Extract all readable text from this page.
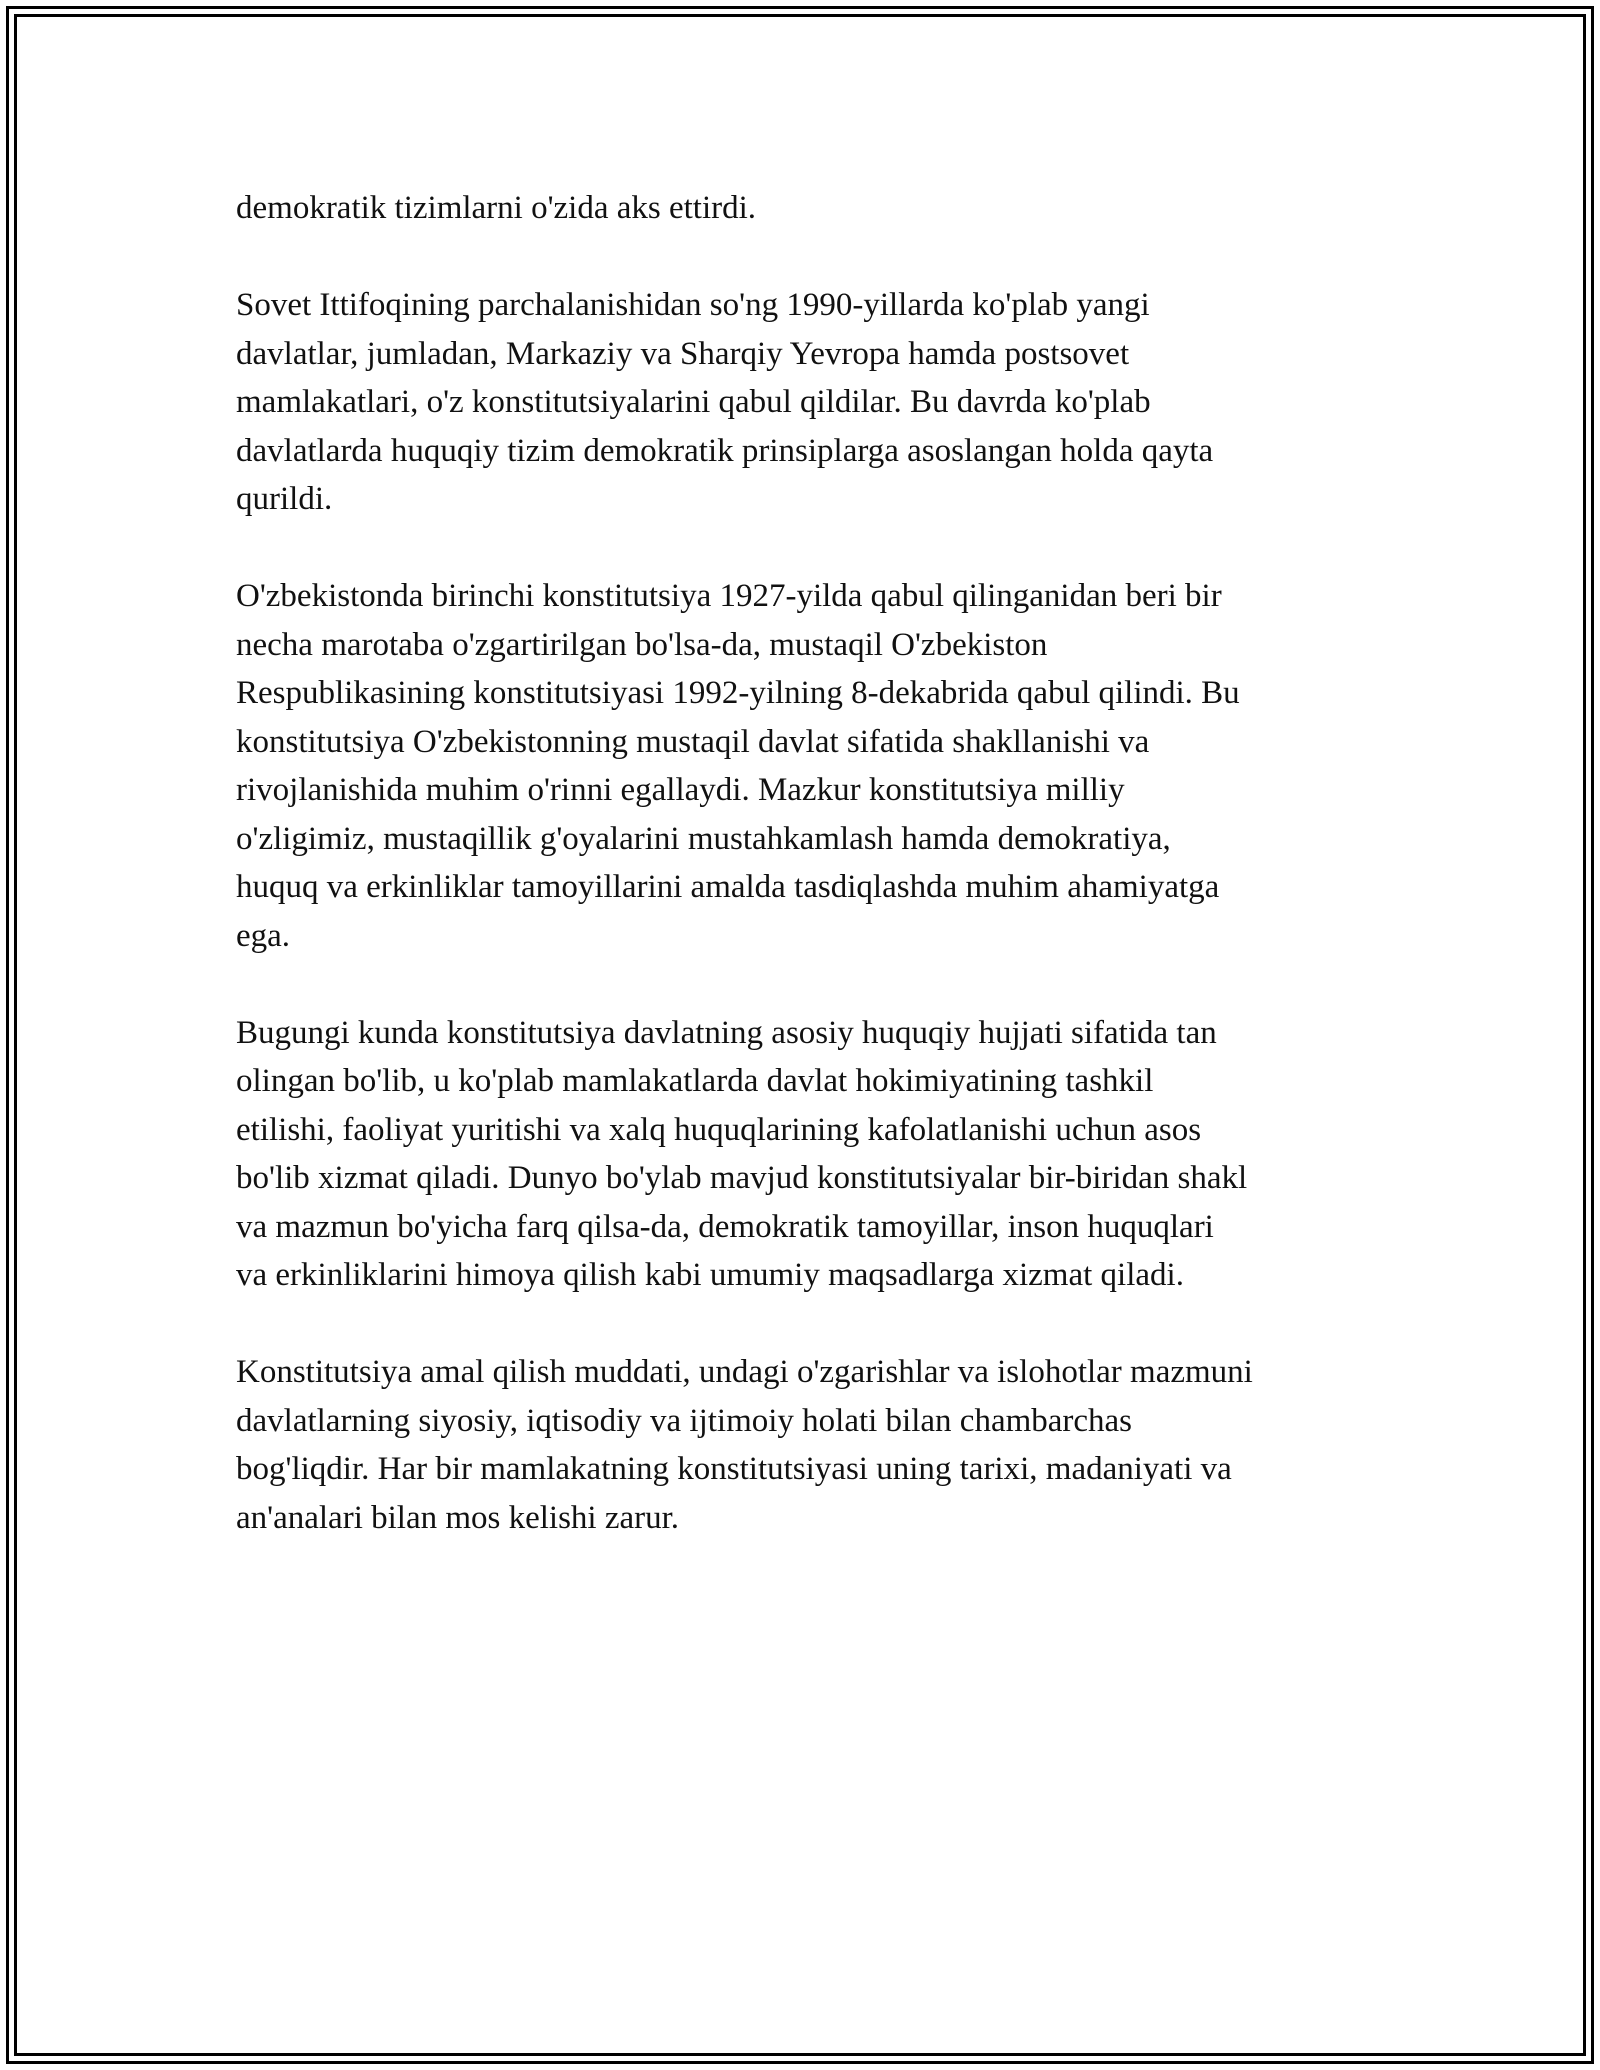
demokratik tizimlarni o'zida aks ettirdi.

Sovet Ittifoqining parchalanishidan so'ng 1990-yillarda ko'plab yangi
davlatlar, jumladan, Markaziy va Sharqiy Yevropa hamda postsovet
mamlakatlari, o'z konstitutsiyalarini qabul qildilar. Bu davrda ko'plab
davlatlarda huquqiy tizim demokratik prinsiplarga asoslangan holda qayta
qurildi.

O'zbekistonda birinchi konstitutsiya 1927-yilda qabul qilinganidan beri bir
necha marotaba o'zgartirilgan bo'lsa-da, mustaqil O'zbekiston
Respublikasining konstitutsiyasi 1992-yilning 8-dekabrida qabul qilindi. Bu
konstitutsiya O'zbekistonning mustaqil davlat sifatida shakllanishi va
rivojlanishida muhim o'rinni egallaydi. Mazkur konstitutsiya milliy
o'zligimiz, mustaqillik g'oyalarini mustahkamlash hamda demokratiya,
huquq va erkinliklar tamoyillarini amalda tasdiqlashda muhim ahamiyatga
ega.

Bugungi kunda konstitutsiya davlatning asosiy huquqiy hujjati sifatida tan
olingan bo'lib, u ko'plab mamlakatlarda davlat hokimiyatining tashkil
etilishi, faoliyat yuritishi va xalq huquqlarining kafolatlanishi uchun asos
bo'lib xizmat qiladi. Dunyo bo'ylab mavjud konstitutsiyalar bir-biridan shakl
va mazmun bo'yicha farq qilsa-da, demokratik tamoyillar, inson huquqlari
va erkinliklarini himoya qilish kabi umumiy maqsadlarga xizmat qiladi.

Konstitutsiya amal qilish muddati, undagi o'zgarishlar va islohotlar mazmuni
davlatlarning siyosiy, iqtisodiy va ijtimoiy holati bilan chambarchas
bog'liqdir. Har bir mamlakatning konstitutsiyasi uning tarixi, madaniyati va
an'analari bilan mos kelishi zarur.
